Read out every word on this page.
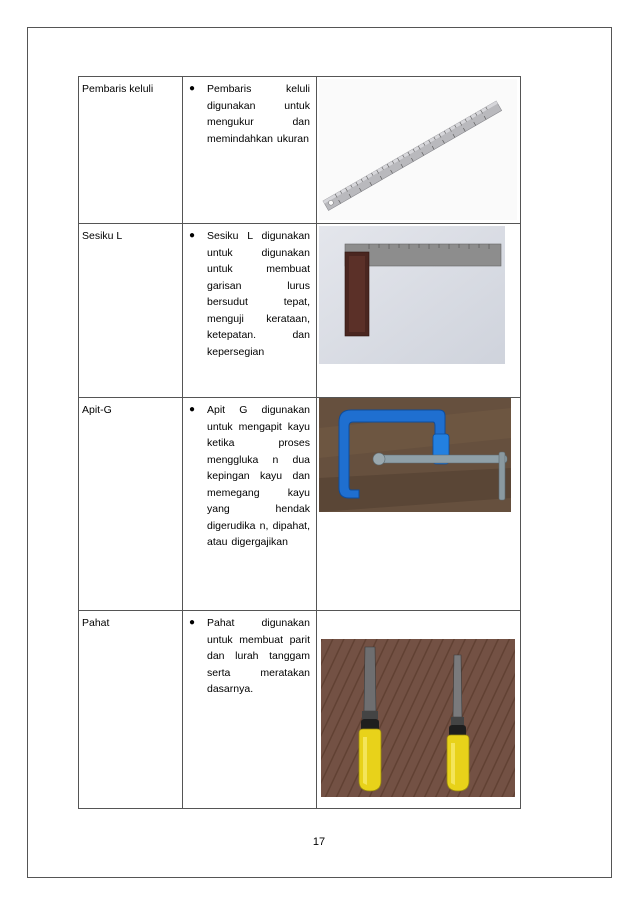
Pembaris keluli	● Pembaris keluli digunakan untuk mengukur dan memindahkan ukuran

Sesiku L	● Sesiku L digunakan untuk digunakan untuk membuat garisan lurus bersudut tepat, menguji kerataan, ketepatan. dan kepersegian

Apit-G	● Apit G digunakan untuk mengapit kayu ketika proses menggluka n dua kepingan kayu dan memegang kayu yang hendak digerudika n, dipahat, atau digergajikan

Pahat	● Pahat digunakan untuk membuat parit dan lurah tanggam serta meratakan dasarnya.

17
